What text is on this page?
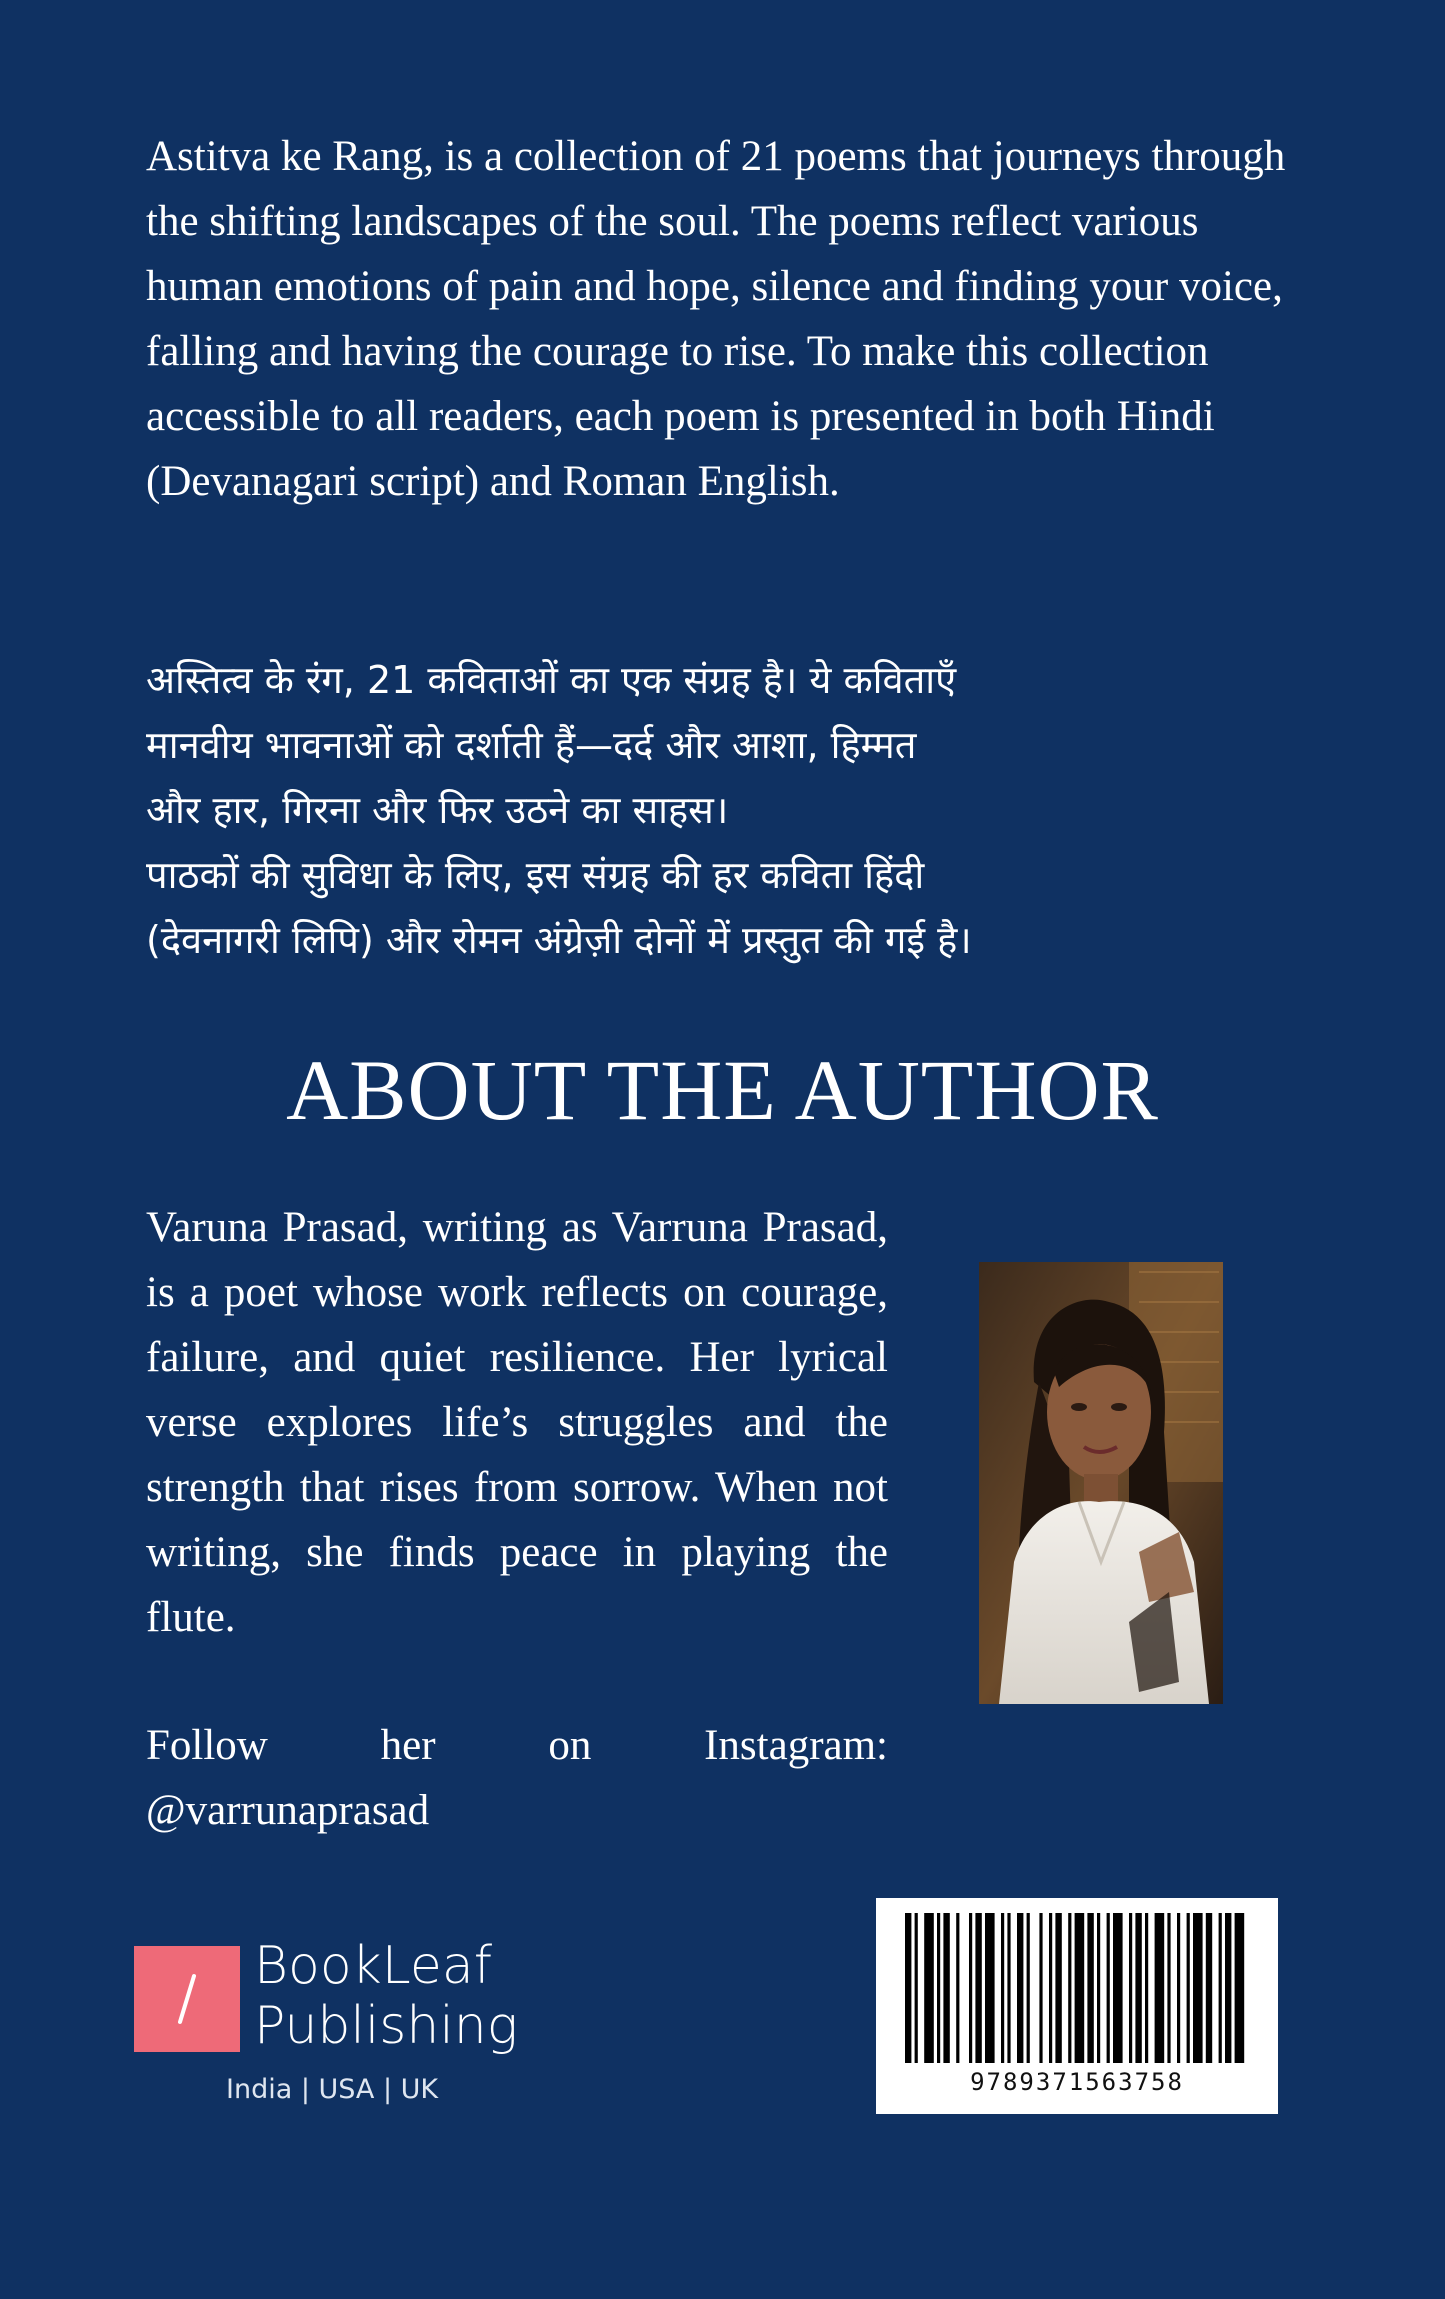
Astitva ke Rang, is a collection of 21 poems that journeys through the shifting landscapes of the soul. The poems reflect various human emotions of pain and hope, silence and finding your voice, falling and having the courage to rise. To make this collection accessible to all readers, each poem is presented in both Hindi (Devanagari script) and Roman English.

अस्तित्व के रंग, 21 कविताओं का एक संग्रह है। ये कविताएँ
मानवीय भावनाओं को दर्शाती हैं—दर्द और आशा, हिम्मत
और हार, गिरना और फिर उठने का साहस।
पाठकों की सुविधा के लिए, इस संग्रह की हर कविता हिंदी
(देवनागरी लिपि) और रोमन अंग्रेज़ी दोनों में प्रस्तुत की गई है।
ABOUT THE AUTHOR

Varuna Prasad, writing as Varruna Prasad, is a poet whose work reflects on courage, failure, and quiet resilience. Her lyrical verse explores life’s struggles and the strength that rises from sorrow. When not writing, she finds peace in playing the flute.

Follow her on Instagram:

@varrunaprasad

BookLeaf
Publishing
India | USA | UK	9789371563758
